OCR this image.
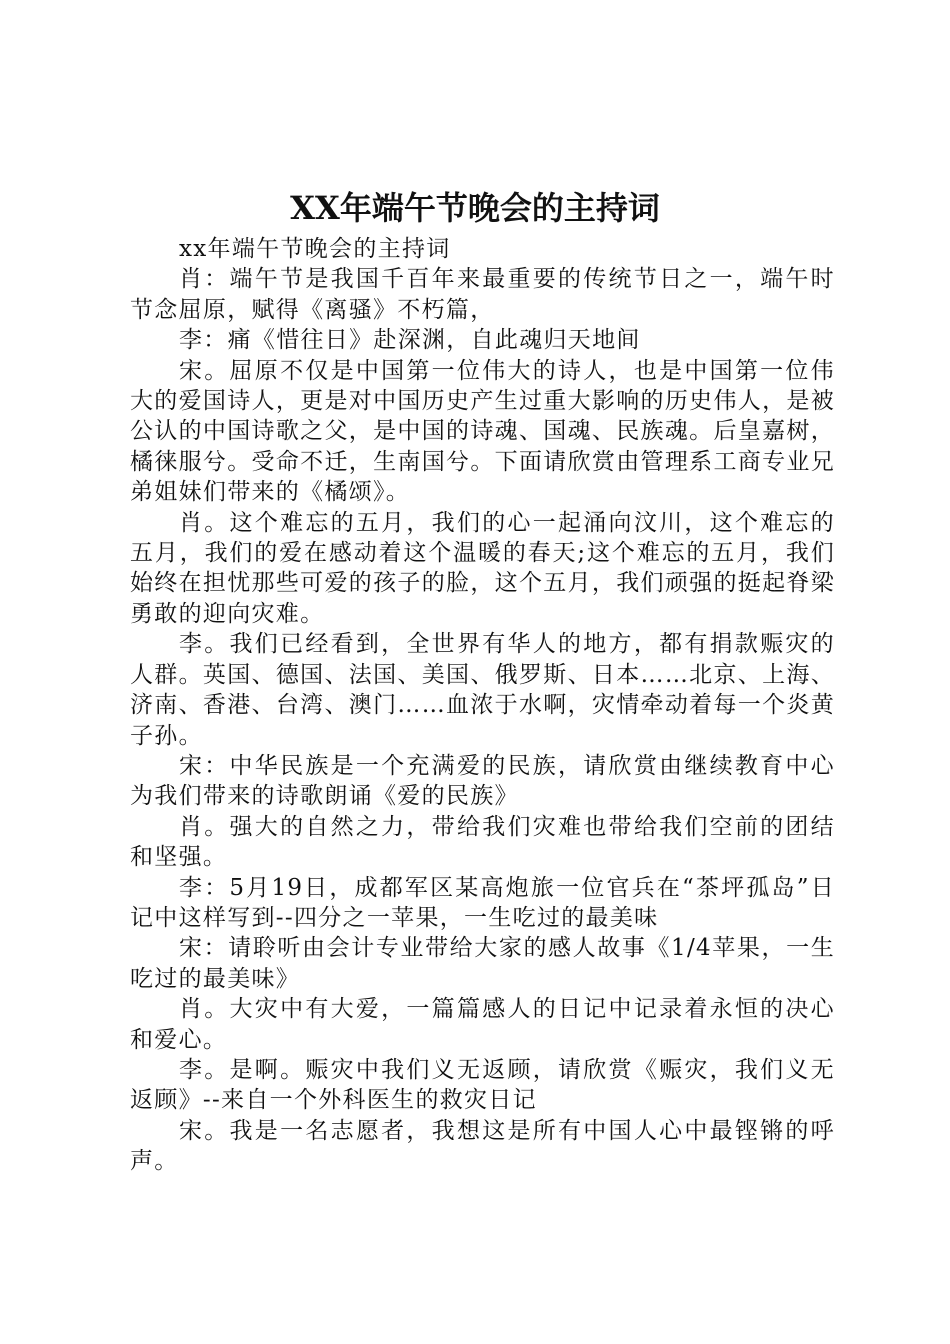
XX年端午节晚会的主持词

xx年端午节晚会的主持词

肖：端午节是我国千百年来最重要的传统节日之一，端午时节念屈原，赋得《离骚》不朽篇，

李：痛《惜往日》赴深渊，自此魂归天地间

宋。屈原不仅是中国第一位伟大的诗人，也是中国第一位伟大的爱国诗人，更是对中国历史产生过重大影响的历史伟人，是被公认的中国诗歌之父，是中国的诗魂、国魂、民族魂。后皇嘉树，橘徕服兮。受命不迁，生南国兮。下面请欣赏由管理系工商专业兄弟姐妹们带来的《橘颂》。

肖。这个难忘的五月，我们的心一起涌向汶川，这个难忘的五月，我们的爱在感动着这个温暖的春天;这个难忘的五月，我们始终在担忧那些可爱的孩子的脸，这个五月，我们顽强的挺起脊梁勇敢的迎向灾难。

李。我们已经看到，全世界有华人的地方，都有捐款赈灾的人群。英国、德国、法国、美国、俄罗斯、日本……北京、上海、济南、香港、台湾、澳门……血浓于水啊，灾情牵动着每一个炎黄子孙。

宋：中华民族是一个充满爱的民族，请欣赏由继续教育中心为我们带来的诗歌朗诵《爱的民族》

肖。强大的自然之力，带给我们灾难也带给我们空前的团结和坚强。

李：5月19日，成都军区某高炮旅一位官兵在“茶坪孤岛”日记中这样写到--四分之一苹果，一生吃过的最美味

宋：请聆听由会计专业带给大家的感人故事《1/4苹果，一生吃过的最美味》

肖。大灾中有大爱，一篇篇感人的日记中记录着永恒的决心和爱心。

李。是啊。赈灾中我们义无返顾，请欣赏《赈灾，我们义无返顾》--来自一个外科医生的救灾日记

宋。我是一名志愿者，我想这是所有中国人心中最铿锵的呼声。
